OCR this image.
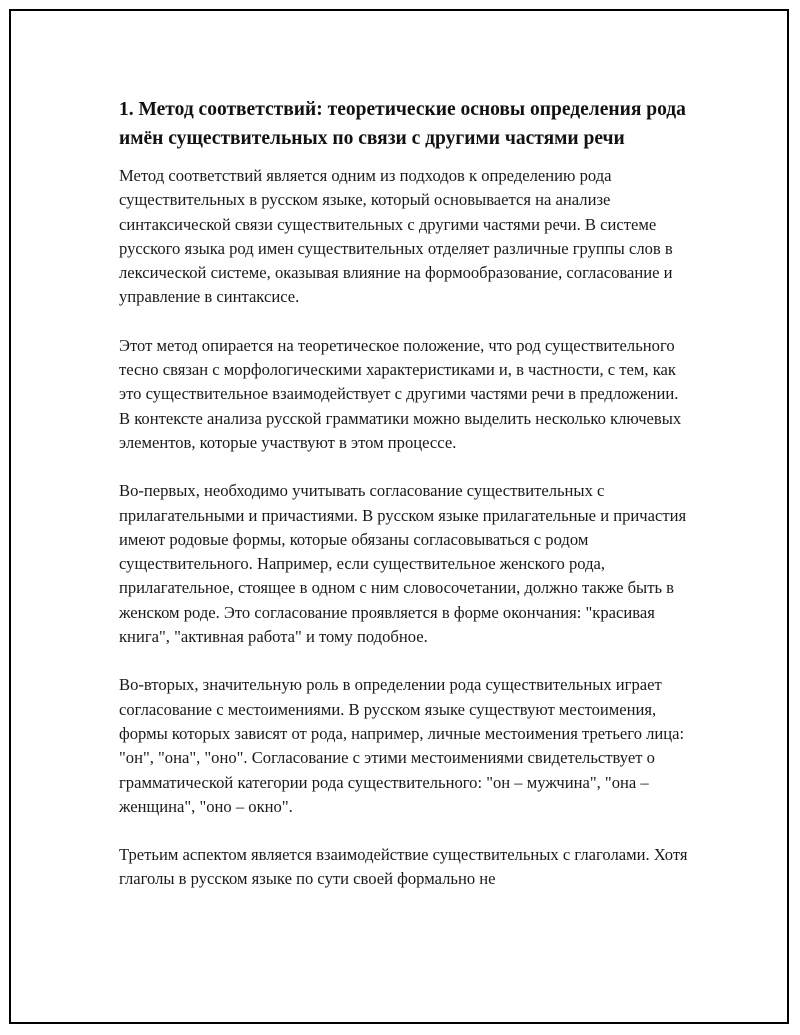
1. Метод соответствий: теоретические основы определения рода имён существительных по связи с другими частями речи

Метод соответствий является одним из подходов к определению рода существительных в русском языке, который основывается на анализе синтаксической связи существительных с другими частями речи. В системе русского языка род имен существительных отделяет различные группы слов в лексической системе, оказывая влияние на формообразование, согласование и управление в синтаксисе.

Этот метод опирается на теоретическое положение, что род существительного тесно связан с морфологическими характеристиками и, в частности, с тем, как это существительное взаимодействует с другими частями речи в предложении. В контексте анализа русской грамматики можно выделить несколько ключевых элементов, которые участвуют в этом процессе.

Во-первых, необходимо учитывать согласование существительных с прилагательными и причастиями. В русском языке прилагательные и причастия имеют родовые формы, которые обязаны согласовываться с родом существительного. Например, если существительное женского рода, прилагательное, стоящее в одном с ним словосочетании, должно также быть в женском роде. Это согласование проявляется в форме окончания: "красивая книга", "активная работа" и тому подобное.

Во-вторых, значительную роль в определении рода существительных играет согласование с местоимениями. В русском языке существуют местоимения, формы которых зависят от рода, например, личные местоимения третьего лица: "он", "она", "оно". Согласование с этими местоимениями свидетельствует о грамматической категории рода существительного: "он – мужчина", "она – женщина", "оно – окно".

Третьим аспектом является взаимодействие существительных с глаголами. Хотя глаголы в русском языке по сути своей формально не
